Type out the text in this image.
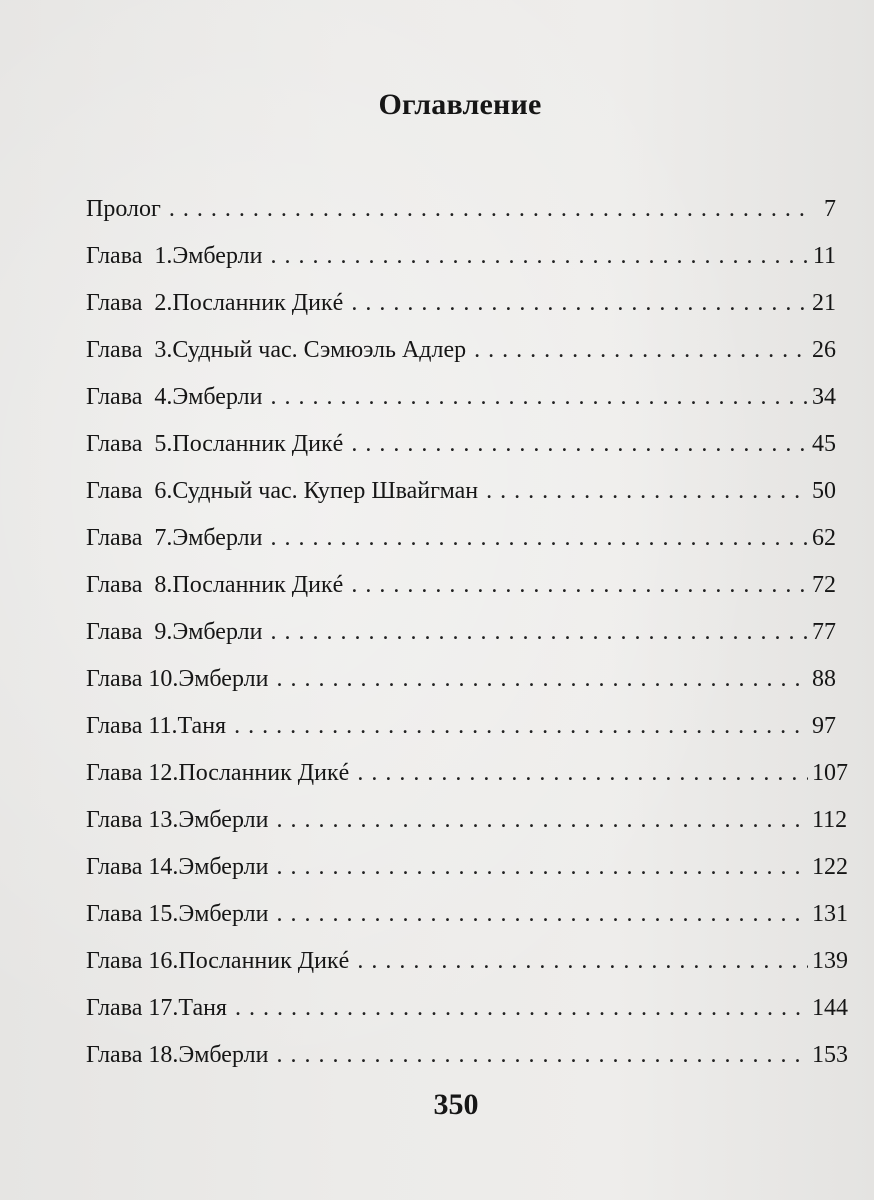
Оглавление
Пролог . . .	7
Глава  1. Эмберли . . .	11
Глава  2. Посланник Дикé . . .	21
Глава  3. Судный час. Сэмюэль Адлер . . .	26
Глава  4. Эмберли . . .	34
Глава  5. Посланник Дикé . . .	45
Глава  6. Судный час. Купер Швайгман . . .	50
Глава  7. Эмберли . . .	62
Глава  8. Посланник Дикé . . .	72
Глава  9. Эмберли . . .	77
Глава 10. Эмберли . . .	88
Глава 11. Таня . . .	97
Глава 12. Посланник Дикé . . .	107
Глава 13. Эмберли . . .	112
Глава 14. Эмберли . . .	122
Глава 15. Эмберли . . .	131
Глава 16. Посланник Дикé . . .	139
Глава 17. Таня . . .	144
Глава 18. Эмберли . . .	153
350
